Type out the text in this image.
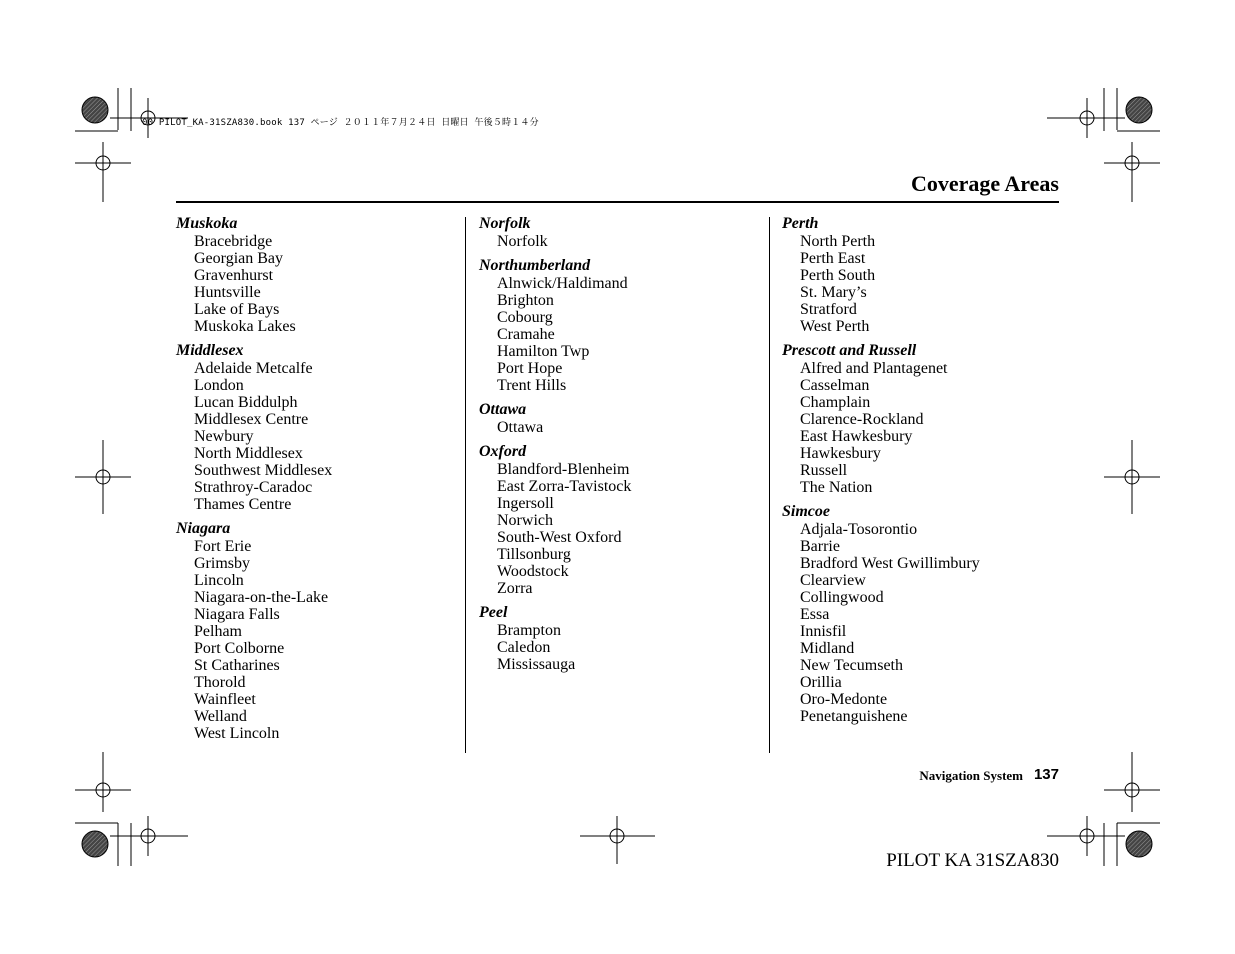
00 PILOT_KA-31SZA830.book 137 ページ ２０１１年７月２４日 日曜日 午後５時１４分
Coverage Areas
Muskoka
Bracebridge
Georgian Bay
Gravenhurst
Huntsville
Lake of Bays
Muskoka Lakes
Middlesex
Adelaide Metcalfe
London
Lucan Biddulph
Middlesex Centre
Newbury
North Middlesex
Southwest Middlesex
Strathroy-Caradoc
Thames Centre
Niagara
Fort Erie
Grimsby
Lincoln
Niagara-on-the-Lake
Niagara Falls
Pelham
Port Colborne
St Catharines
Thorold
Wainfleet
Welland
West Lincoln
Norfolk
Norfolk
Northumberland
Alnwick/Haldimand
Brighton
Cobourg
Cramahe
Hamilton Twp
Port Hope
Trent Hills
Ottawa
Ottawa
Oxford
Blandford-Blenheim
East Zorra-Tavistock
Ingersoll
Norwich
South-West Oxford
Tillsonburg
Woodstock
Zorra
Peel
Brampton
Caledon
Mississauga
Perth
North Perth
Perth East
Perth South
St. Mary’s
Stratford
West Perth
Prescott and Russell
Alfred and Plantagenet
Casselman
Champlain
Clarence-Rockland
East Hawkesbury
Hawkesbury
Russell
The Nation
Simcoe
Adjala-Tosorontio
Barrie
Bradford West Gwillimbury
Clearview
Collingwood
Essa
Innisfil
Midland
New Tecumseth
Orillia
Oro-Medonte
Penetanguishene
Navigation System 137
PILOT KA 31SZA830
